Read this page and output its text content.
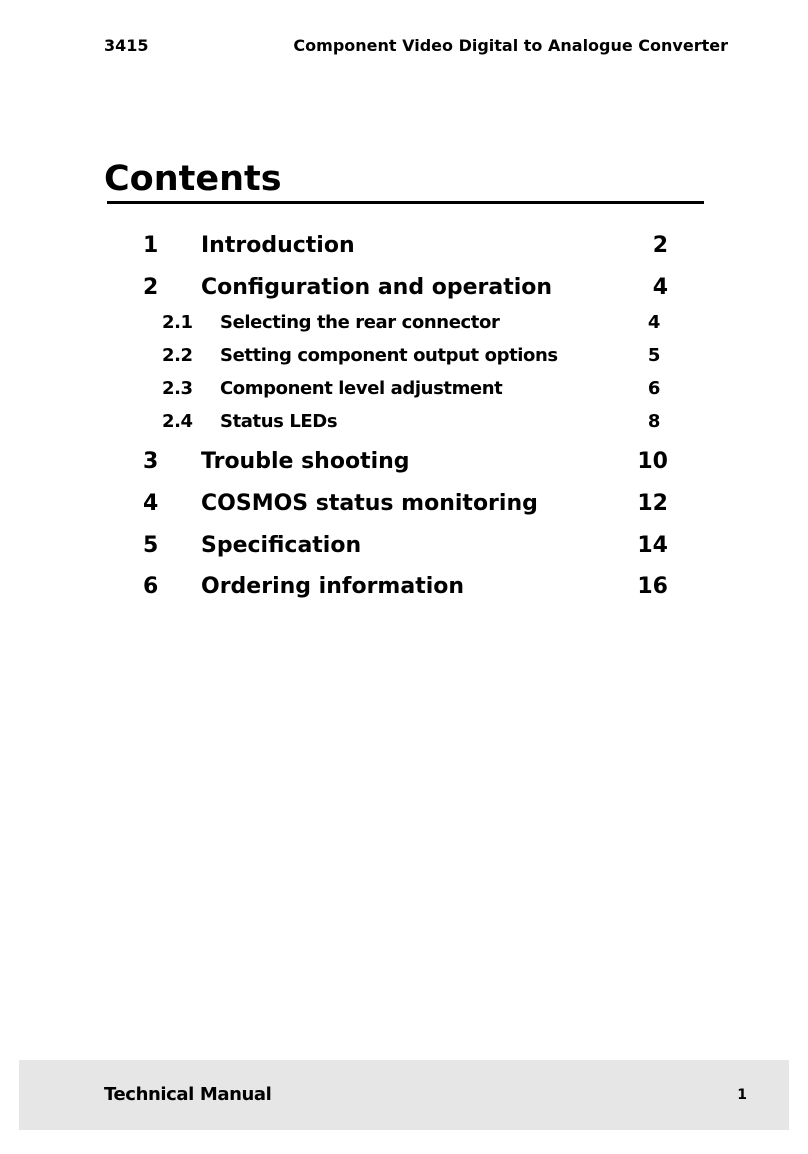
3415	Component Video Digital to Analogue Converter
Contents
1 Introduction	2
2 Configuration and operation	4
2.1 Selecting the rear connector	4
2.2 Setting component output options	5
2.3 Component level adjustment	6
2.4 Status LEDs	8
3 Trouble shooting	10
4 COSMOS status monitoring	12
5 Specification	14
6 Ordering information	16
Technical Manual	1
